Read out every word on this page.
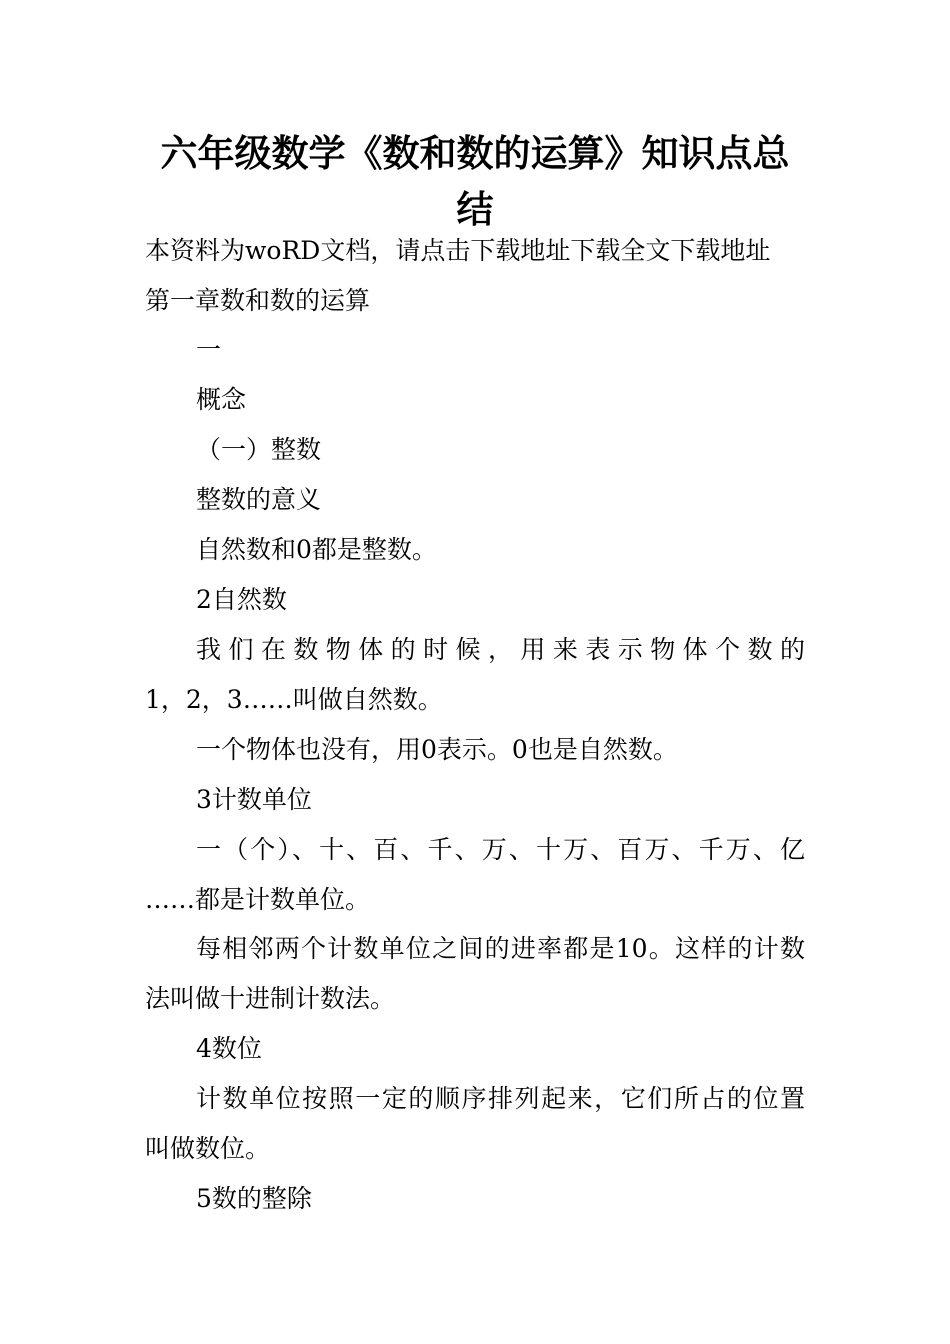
六年级数学《数和数的运算》知识点总结

本资料为woRD文档，请点击下载地址下载全文下载地址

第一章数和数的运算

一

概念

（一）整数

整数的意义

自然数和0都是整数。

2自然数

我们在数物体的时候，用来表示物体个数的

1，2，3……叫做自然数。

一个物体也没有，用0表示。0也是自然数。

3计数单位

一（个）、十、百、千、万、十万、百万、千万、亿

……都是计数单位。

每相邻两个计数单位之间的进率都是10。这样的计数

法叫做十进制计数法。

4数位

计数单位按照一定的顺序排列起来，它们所占的位置

叫做数位。

5数的整除
